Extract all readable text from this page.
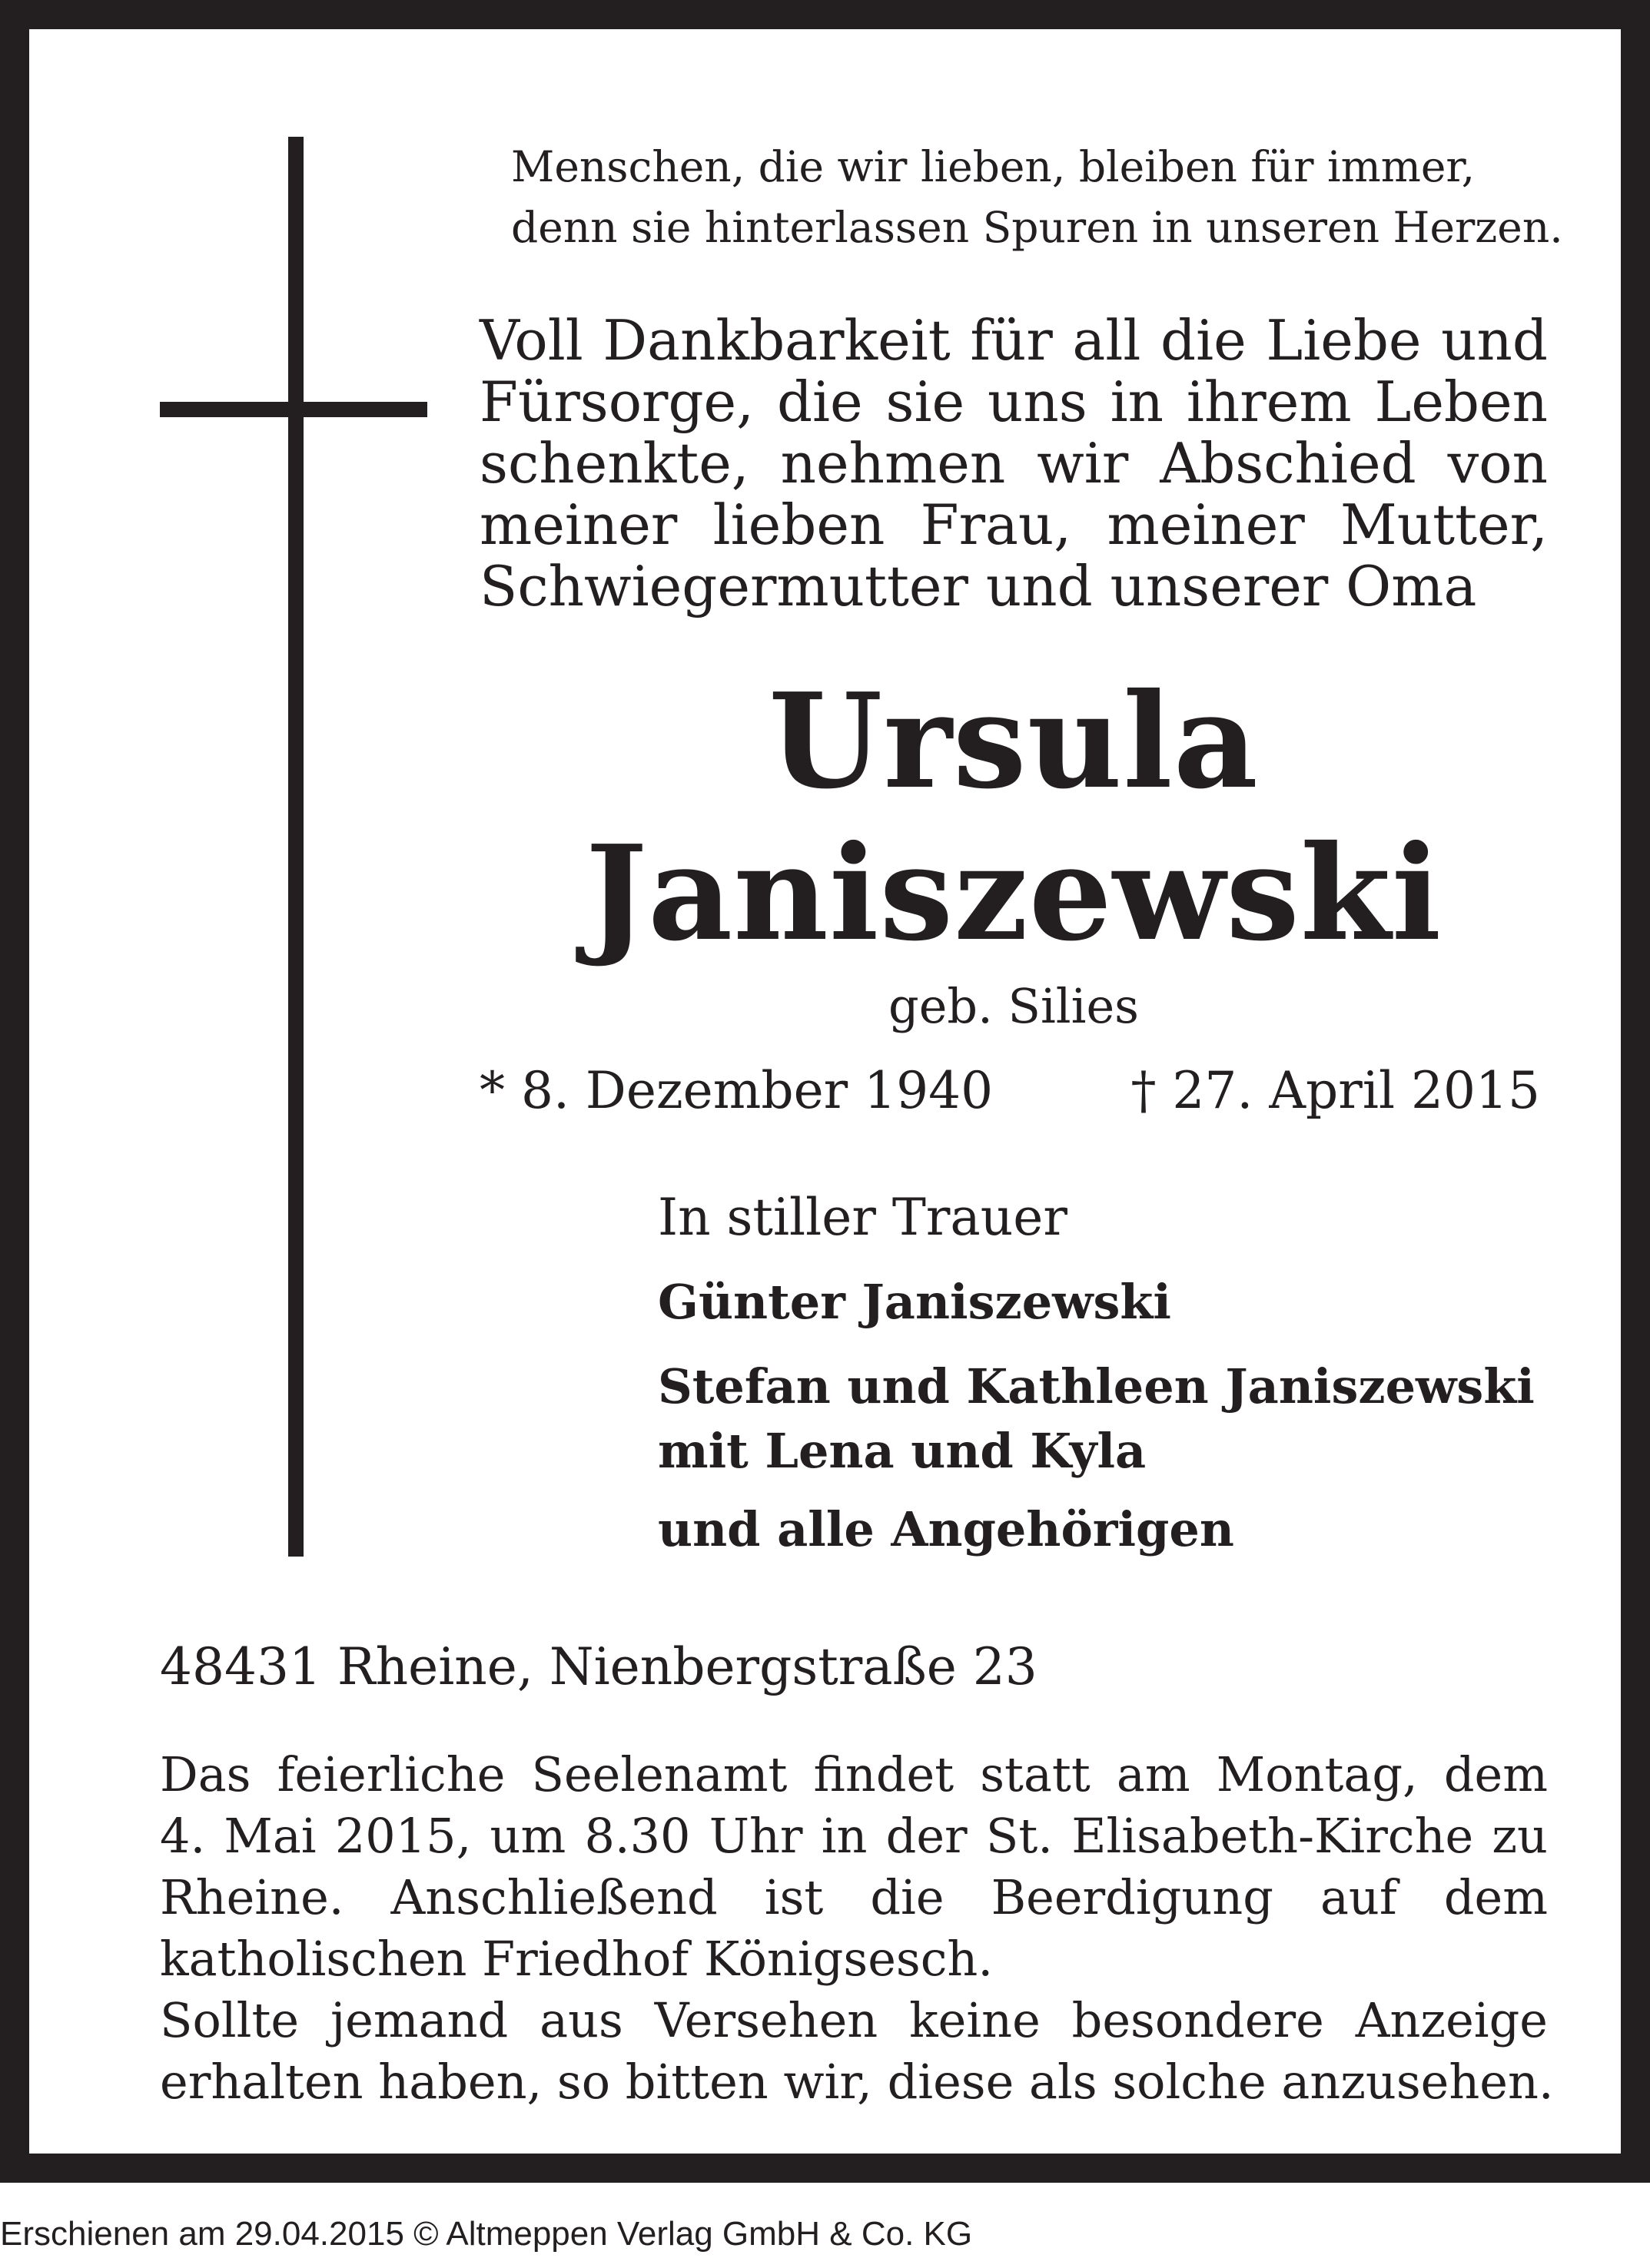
Menschen, die wir lieben, bleiben für immer,
denn sie hinterlassen Spuren in unseren Herzen.
Voll Dankbarkeit für all die Liebe und
Fürsorge, die sie uns in ihrem Leben
schenkte, nehmen wir Abschied von
meiner lieben Frau, meiner Mutter,
Schwiegermutter und unserer Oma
Ursula
Janiszewski
geb. Silies
* 8. Dezember 1940	† 27. April 2015
In stiller Trauer
Günter Janiszewski
Stefan und Kathleen Janiszewski
mit Lena und Kyla
und alle Angehörigen
48431 Rheine, Nienbergstraße 23
Das feierliche Seelenamt findet statt am Montag, dem
4. Mai 2015, um 8.30 Uhr in der St. Elisabeth-Kirche zu
Rheine. Anschließend ist die Beerdigung auf dem
katholischen Friedhof Königsesch.
Sollte jemand aus Versehen keine besondere Anzeige
erhalten haben, so bitten wir, diese als solche anzusehen.
Erschienen am 29.04.2015 © Altmeppen Verlag GmbH & Co. KG
